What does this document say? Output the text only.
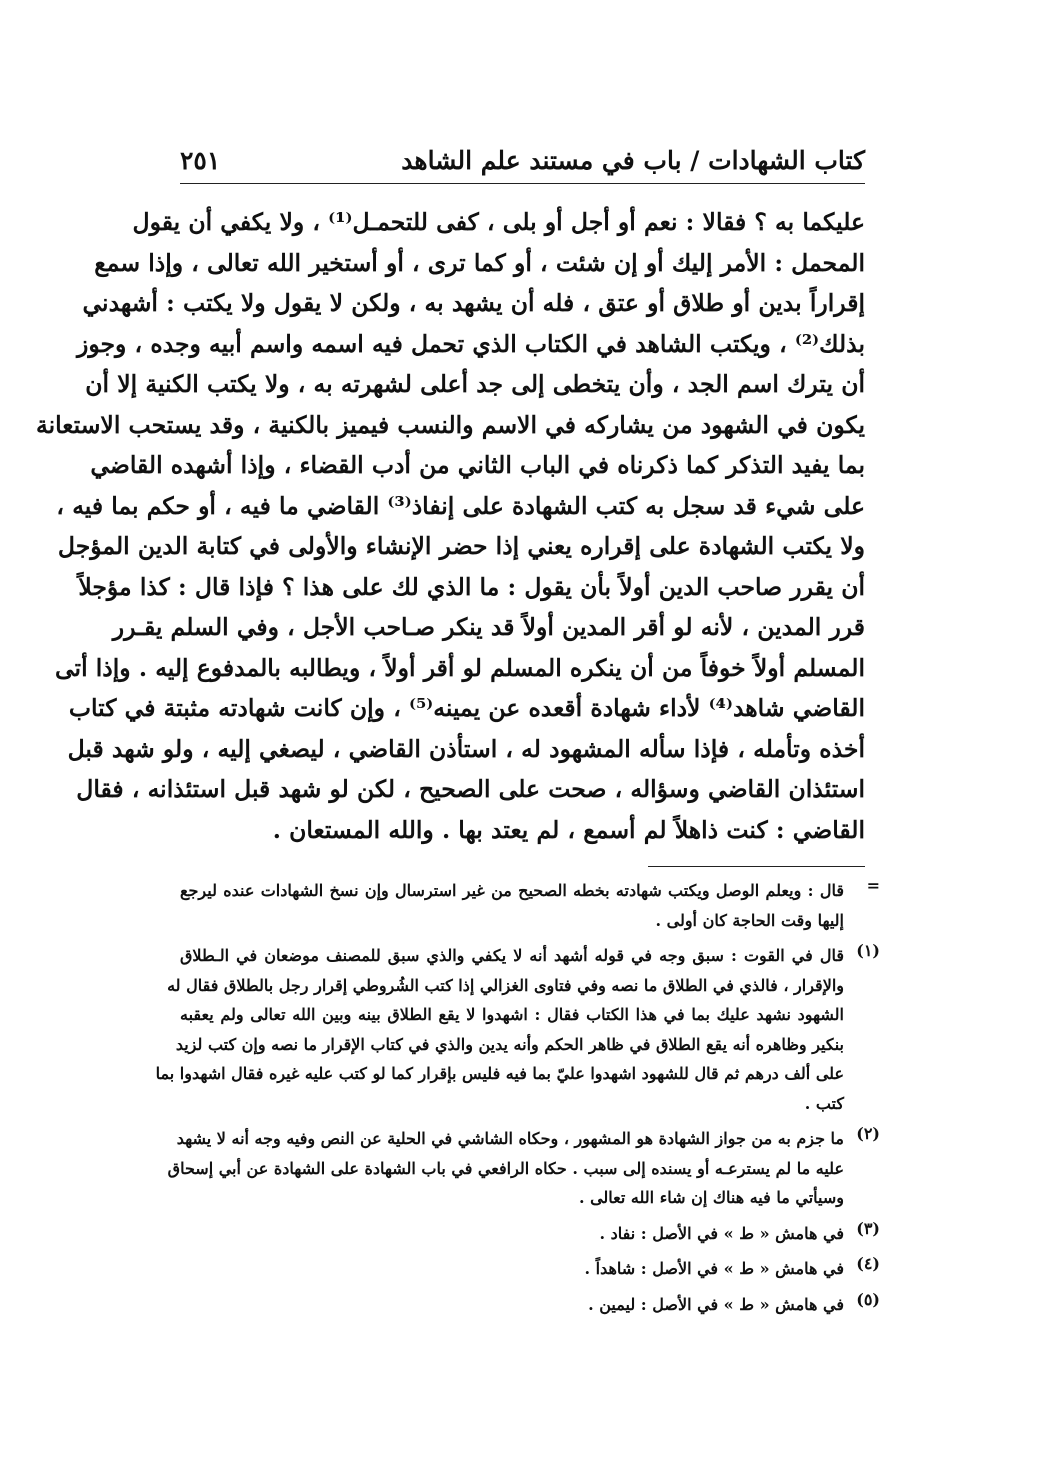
كتاب الشهادات / باب في مستند علم الشاهد
٢٥١
عليكما به ؟ فقالا : نعم أو أجل أو بلى ، كفى للتحمـل⁽¹⁾ ، ولا يكفي أن يقول
المحمل : الأمر إليك أو إن شئت ، أو كما ترى ، أو أستخير الله تعالى ، وإذا سمع
إقراراً بدين أو طلاق أو عتق ، فله أن يشهد به ، ولكن لا يقول ولا يكتب : أشهدني
بذلك⁽²⁾ ، ويكتب الشاهد في الكتاب الذي تحمل فيه اسمه واسم أبيه وجده ، وجوز
أن يترك اسم الجد ، وأن يتخطى إلى جد أعلى لشهرته به ، ولا يكتب الكنية إلا أن
يكون في الشهود من يشاركه في الاسم والنسب فيميز بالكنية ، وقد يستحب الاستعانة
بما يفيد التذكر كما ذكرناه في الباب الثاني من أدب القضاء ، وإذا أشهده القاضي
على شيء قد سجل به كتب الشهادة على إنفاذ⁽³⁾ القاضي ما فيه ، أو حكم بما فيه ،
ولا يكتب الشهادة على إقراره يعني إذا حضر الإنشاء والأولى في كتابة الدين المؤجل
أن يقرر صاحب الدين أولاً بأن يقول : ما الذي لك على هذا ؟ فإذا قال : كذا مؤجلاً
قرر المدين ، لأنه لو أقر المدين أولاً قد ينكر صـاحب الأجل ، وفي السلم يقـرر
المسلم أولاً خوفاً من أن ينكره المسلم لو أقر أولاً ، ويطالبه بالمدفوع إليه . وإذا أتى
القاضي شاهد⁽⁴⁾ لأداء شهادة أقعده عن يمينه⁽⁵⁾ ، وإن كانت شهادته مثبتة في كتاب
أخذه وتأمله ، فإذا سأله المشهود له ، استأذن القاضي ، ليصغي إليه ، ولو شهد قبل
استئذان القاضي وسؤاله ، صحت على الصحيح ، لكن لو شهد قبل استئذانه ، فقال
القاضي : كنت ذاهلاً لم أسمع ، لم يعتد بها . والله المستعان .
=
قال : ويعلم الوصل ويكتب شهادته بخطه الصحيح من غير استرسال وإن نسخ الشهادات عنده ليرجع
إليها وقت الحاجة كان أولى .
(١)
قال في القوت : سبق وجه في قوله أشهد أنه لا يكفي والذي سبق للمصنف موضعان في الـطلاق
والإقرار ، فالذي في الطلاق ما نصه وفي فتاوى الغزالي إذا كتب الشُروطي إقرار رجل بالطلاق فقال له
الشهود نشهد عليك بما في هذا الكتاب فقال : اشهدوا لا يقع الطلاق بينه وبين الله تعالى ولم يعقبه
بنكير وظاهره أنه يقع الطلاق في ظاهر الحكم وأنه يدين والذي في كتاب الإقرار ما نصه وإن كتب لزيد
على ألف درهم ثم قال للشهود اشهدوا عليّ بما فيه فليس بإقرار كما لو كتب عليه غيره فقال اشهدوا بما
كتب .
(٢)
ما جزم به من جواز الشهادة هو المشهور ، وحكاه الشاشي في الحلية عن النص وفيه وجه أنه لا يشهد
عليه ما لم يسترعـه أو يسنده إلى سبب . حكاه الرافعي في باب الشهادة على الشهادة عن أبي إسحاق
وسيأتي ما فيه هناك إن شاء الله تعالى .
(٣)
في هامش « ط » في الأصل : نفاد .
(٤)
في هامش « ط » في الأصل : شاهداً .
(٥)
في هامش « ط » في الأصل : ليمين .
